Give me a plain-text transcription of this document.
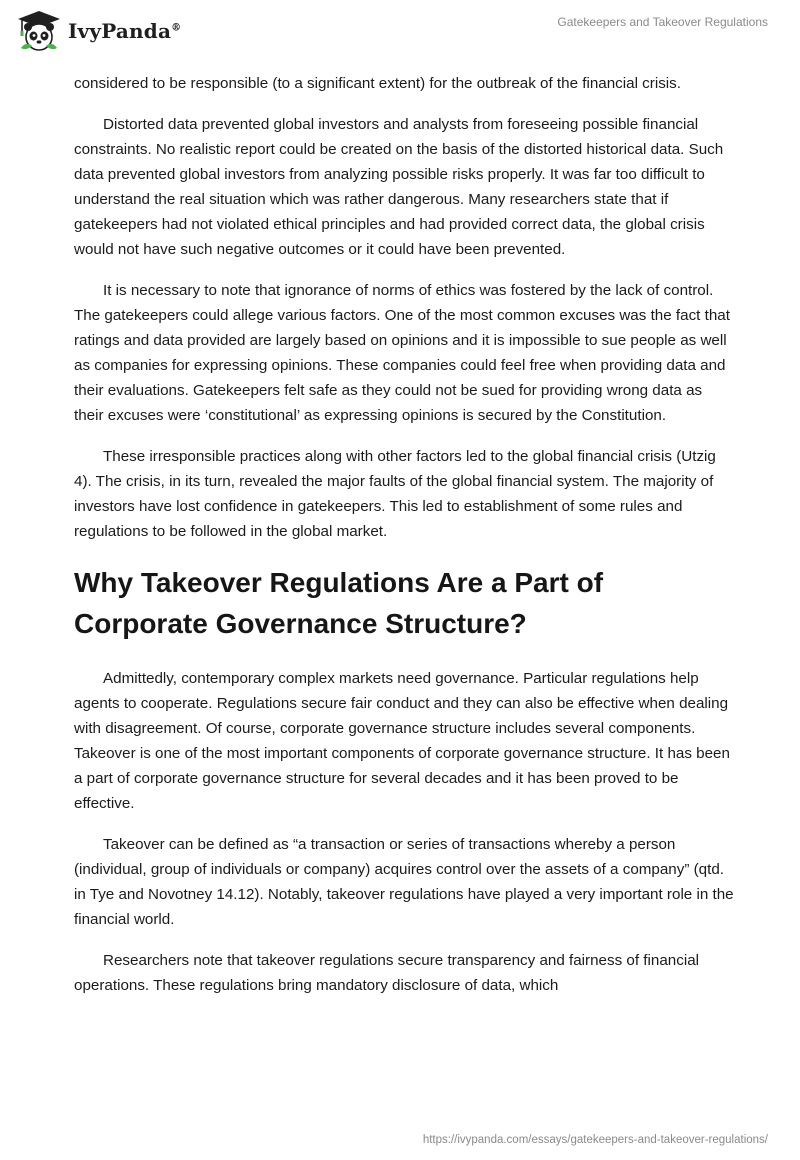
IvyPanda®	Gatekeepers and Takeover Regulations

considered to be responsible (to a significant extent) for the outbreak of the financial crisis.

Distorted data prevented global investors and analysts from foreseeing possible financial constraints. No realistic report could be created on the basis of the distorted historical data. Such data prevented global investors from analyzing possible risks properly. It was far too difficult to understand the real situation which was rather dangerous. Many researchers state that if gatekeepers had not violated ethical principles and had provided correct data, the global crisis would not have such negative outcomes or it could have been prevented.

It is necessary to note that ignorance of norms of ethics was fostered by the lack of control. The gatekeepers could allege various factors. One of the most common excuses was the fact that ratings and data provided are largely based on opinions and it is impossible to sue people as well as companies for expressing opinions. These companies could feel free when providing data and their evaluations. Gatekeepers felt safe as they could not be sued for providing wrong data as their excuses were ‘constitutional’ as expressing opinions is secured by the Constitution.

These irresponsible practices along with other factors led to the global financial crisis (Utzig 4). The crisis, in its turn, revealed the major faults of the global financial system. The majority of investors have lost confidence in gatekeepers. This led to establishment of some rules and regulations to be followed in the global market.

Why Takeover Regulations Are a Part of Corporate Governance Structure?

Admittedly, contemporary complex markets need governance. Particular regulations help agents to cooperate. Regulations secure fair conduct and they can also be effective when dealing with disagreement. Of course, corporate governance structure includes several components. Takeover is one of the most important components of corporate governance structure. It has been a part of corporate governance structure for several decades and it has been proved to be effective.

Takeover can be defined as “a transaction or series of transactions whereby a person (individual, group of individuals or company) acquires control over the assets of a company” (qtd. in Tye and Novotney 14.12). Notably, takeover regulations have played a very important role in the financial world.

Researchers note that takeover regulations secure transparency and fairness of financial operations. These regulations bring mandatory disclosure of data, which

https://ivypanda.com/essays/gatekeepers-and-takeover-regulations/
